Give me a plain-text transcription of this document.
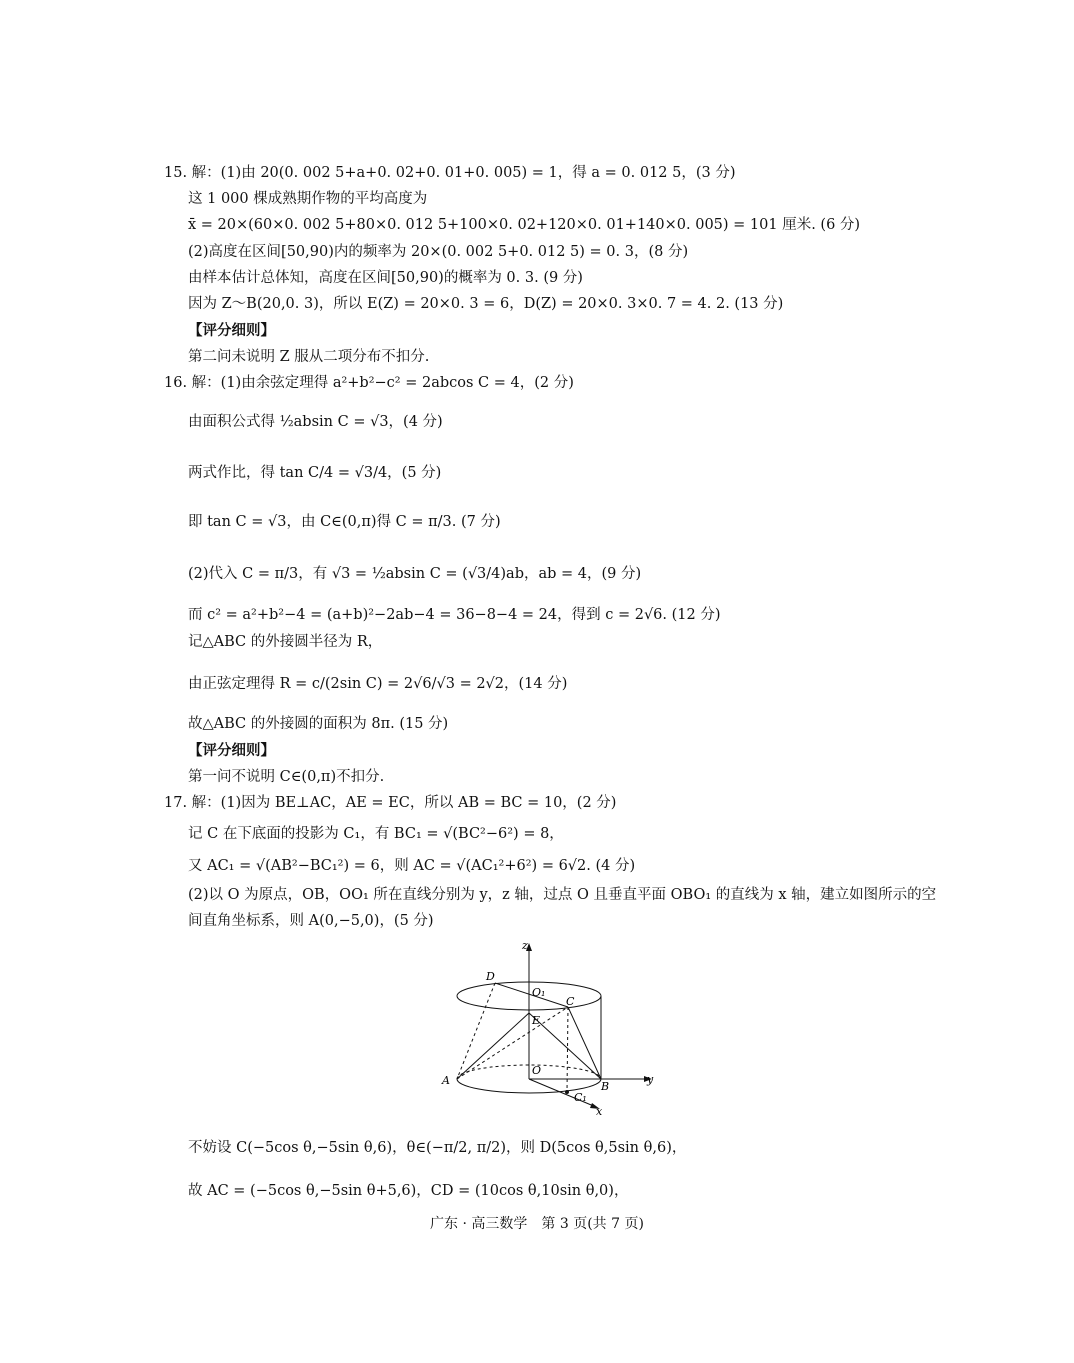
15. 解：(1)由 20(0. 002 5+a+0. 02+0. 01+0. 005) = 1，得 a = 0. 012 5，(3 分)
这 1 000 棵成熟期作物的平均高度为
x̄ = 20×(60×0. 002 5+80×0. 012 5+100×0. 02+120×0. 01+140×0. 005) = 101 厘米. (6 分)
(2)高度在区间[50,90)内的频率为 20×(0. 002 5+0. 012 5) = 0. 3，(8 分)
由样本估计总体知，高度在区间[50,90)的概率为 0. 3. (9 分)
因为 Z～B(20,0. 3)，所以 E(Z) = 20×0. 3 = 6，D(Z) = 20×0. 3×0. 7 = 4. 2. (13 分)
【评分细则】
第二问未说明 Z 服从二项分布不扣分.
16. 解：(1)由余弦定理得 a²+b²−c² = 2abcos C = 4，(2 分)
由面积公式得 ½absin C = √3，(4 分)
两式作比，得 tan C/4 = √3/4，(5 分)
即 tan C = √3，由 C∈(0,π)得 C = π/3. (7 分)
(2)代入 C = π/3，有 √3 = ½absin C = (√3/4)ab，ab = 4，(9 分)
而 c² = a²+b²−4 = (a+b)²−2ab−4 = 36−8−4 = 24，得到 c = 2√6. (12 分)
记△ABC 的外接圆半径为 R，
由正弦定理得 R = c/(2sin C) = 2√6/√3 = 2√2，(14 分)
故△ABC 的外接圆的面积为 8π. (15 分)
【评分细则】
第一问不说明 C∈(0,π)不扣分.
17. 解：(1)因为 BE⊥AC，AE = EC，所以 AB = BC = 10，(2 分)
记 C 在下底面的投影为 C₁，有 BC₁ = √(BC²−6²) = 8，
又 AC₁ = √(AB²−BC₁²) = 6，则 AC = √(AC₁²+6²) = 6√2. (4 分)
(2)以 O 为原点，OB，OO₁ 所在直线分别为 y，z 轴，过点 O 且垂直平面 OBO₁ 的直线为 x 轴，建立如图所示的空
间直角坐标系，则 A(0,−5,0)，(5 分)
z
y
x
D
O₁
C
E
O
A	B
C₁
不妨设 C(−5cos θ,−5sin θ,6)，θ∈(−π/2, π/2)，则 D(5cos θ,5sin θ,6)，
故 AC = (−5cos θ,−5sin θ+5,6)，CD = (10cos θ,10sin θ,0)，
广东 · 高三数学　第 3 页(共 7 页)
